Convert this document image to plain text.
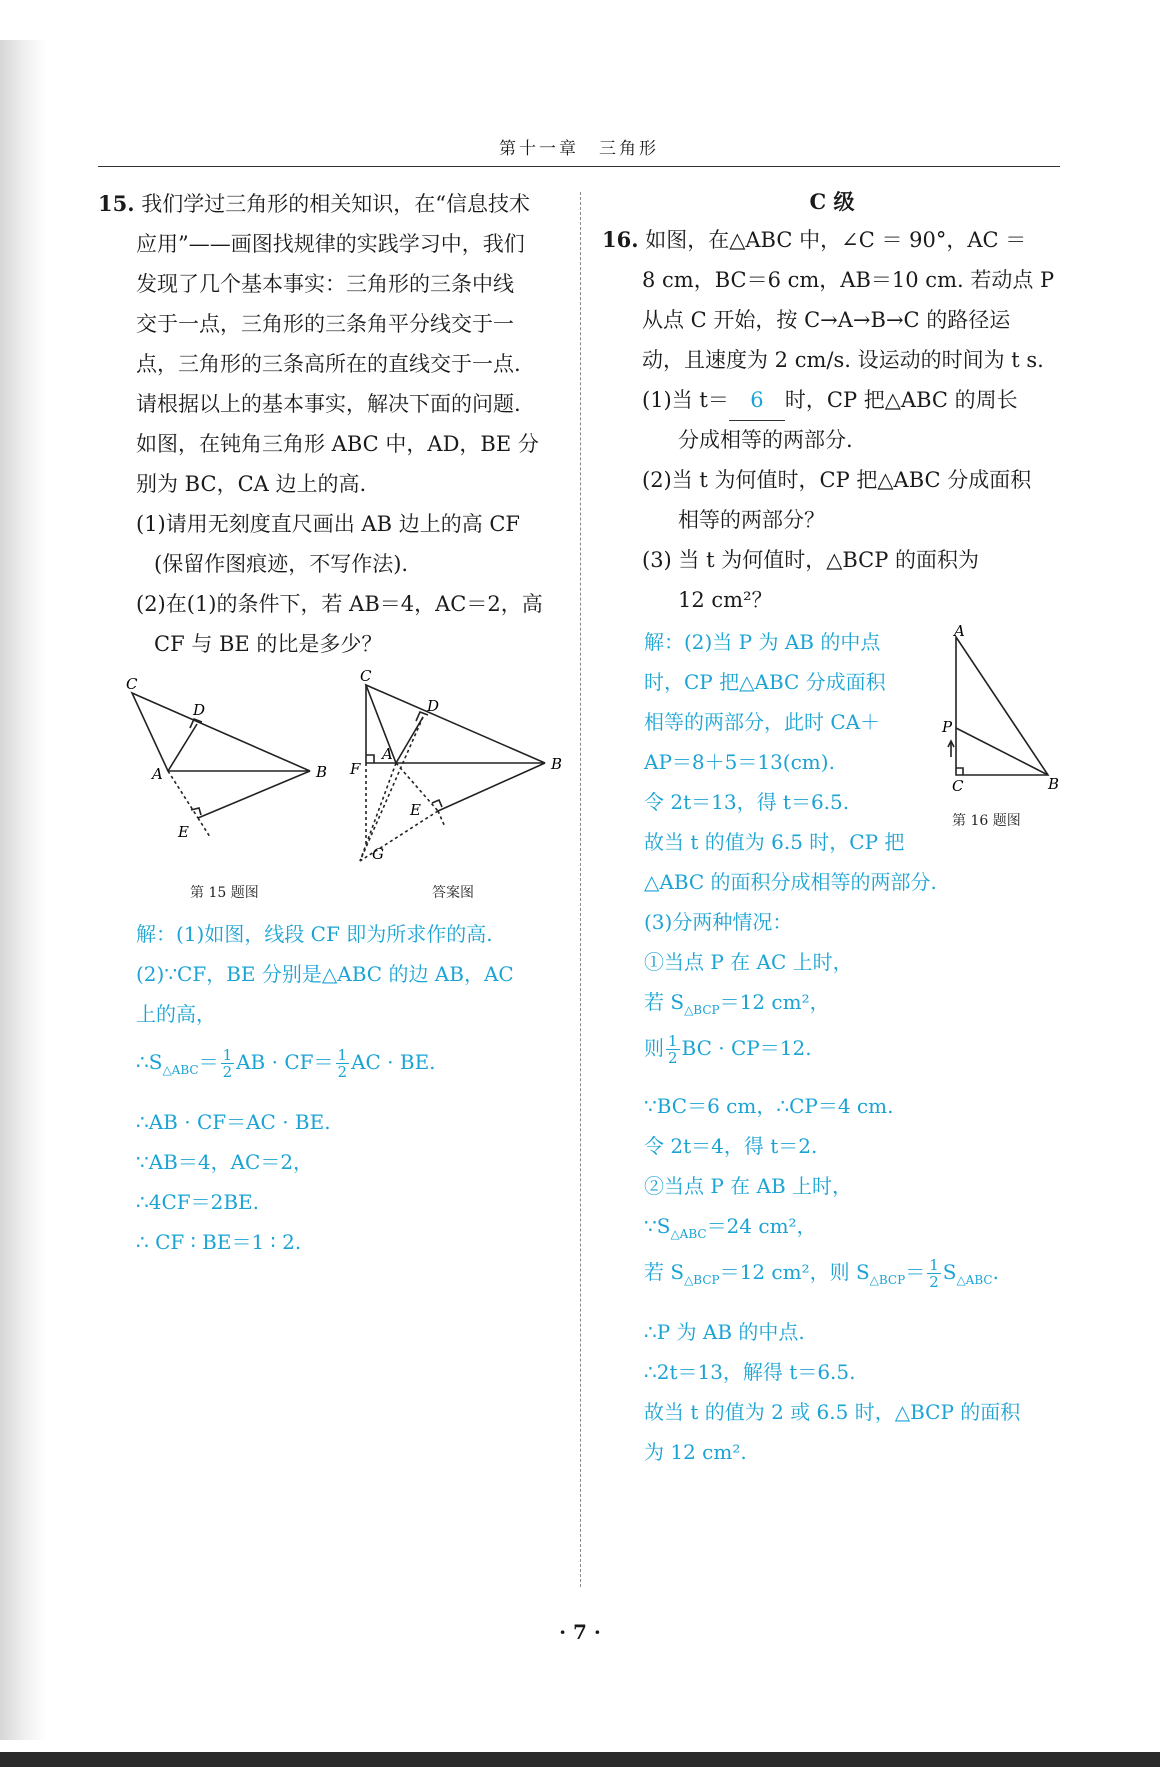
第十一章　三角形
15. 我们学过三角形的相关知识，在“信息技术
应用”——画图找规律的实践学习中，我们
发现了几个基本事实：三角形的三条中线
交于一点，三角形的三条角平分线交于一
点，三角形的三条高所在的直线交于一点.
请根据以上的基本事实，解决下面的问题.
如图，在钝角三角形 ABC 中，AD，BE 分
别为 BC，CA 边上的高.
(1)请用无刻度直尺画出 AB 边上的高 CF
(保留作图痕迹，不写作法).
(2)在(1)的条件下，若 AB＝4，AC＝2，高
CF 与 BE 的比是多少？
C
D
A	B
E
C
D
A
B
F
E
G
第 15 题图	答案图
解：(1)如图，线段 CF 即为所求作的高.
(2)∵CF，BE 分别是△ABC 的边 AB，AC
上的高，
$\therefore S_{\triangle ABC}= \frac{1}{2}$ AB · $CF= \frac{1}{2}$ AC · BE.
∴AB · CF＝AC · BE.
∵AB＝4，AC＝2，
∴4CF＝2BE.
∴ CF ∶ BE＝1 ∶ 2.
C 级
16. 如图，在△ABC 中，∠C ＝ 90°，AC ＝
8 cm，BC＝6 cm，AB＝10 cm. 若动点 P
从点 C 开始，按 C→A→B→C 的路径运
动，且速度为 2 cm/s. 设运动的时间为 t s.
(1)当 t＝ 6 时，CP 把△ABC 的周长
分成相等的两部分.
(2)当 t 为何值时，CP 把△ABC 分成面积
相等的两部分？
(3) 当 t 为何值时，△BCP 的面积为
12 cm²？
A
P
C	B
第 16 题图
解：(2)当 P 为 AB 的中点
时，CP 把△ABC 分成面积
相等的两部分，此时 CA＋
AP＝8＋5＝13(cm).
令 2t＝13，得 t＝6.5.
故当 t 的值为 6.5 时，CP 把
△ABC 的面积分成相等的两部分.
(3)分两种情况：
①当点 P 在 AC 上时，
若 $S_{\triangle BCP}=12$ cm²，
则 $\frac{1}{2}$ BC · CP＝12.
∵BC＝6 cm，∴CP＝4 cm.
令 2t＝4，得 t＝2.
②当点 P 在 AB 上时，
$\because S_{\triangle ABC}=24$ cm²，
若 $S_{\triangle BCP}=12$ cm²，则 $S_{\triangle BCP}= \frac{1}{2} S_{\triangle ABC}$.
∴P 为 AB 的中点.
∴2t＝13，解得 t＝6.5.
故当 t 的值为 2 或 6.5 时，△BCP 的面积
为 12 cm².
· 7 ·
